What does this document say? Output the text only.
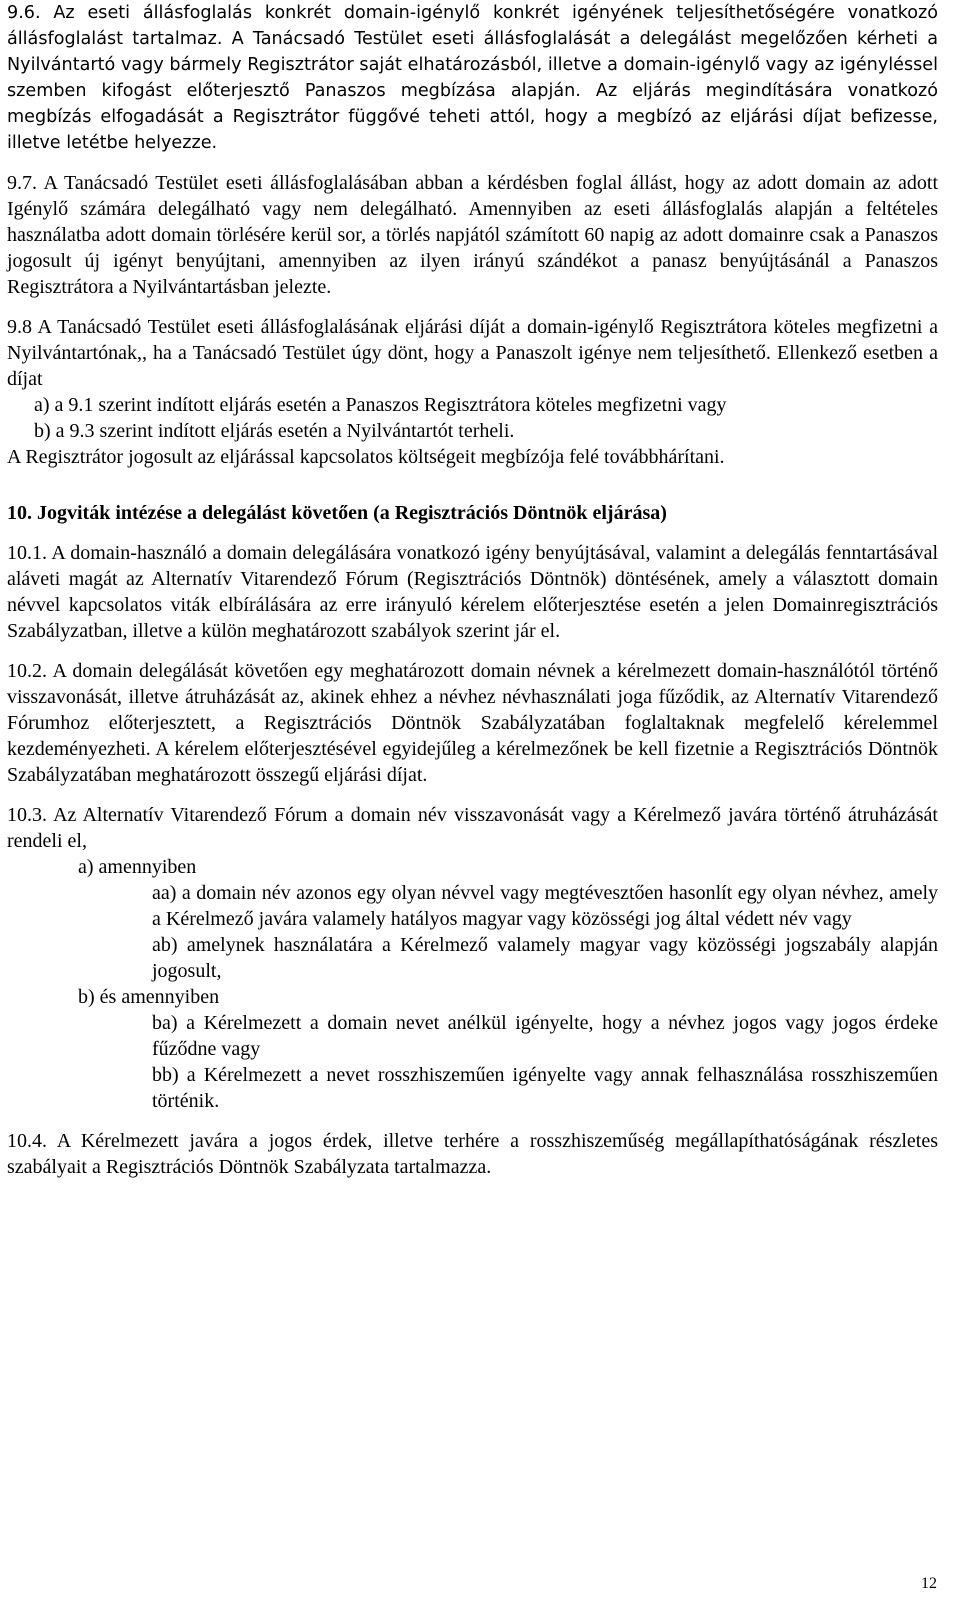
9.6. Az eseti állásfoglalás konkrét domain-igénylő konkrét igényének teljesíthetőségére vonatkozó állásfoglalást tartalmaz. A Tanácsadó Testület eseti állásfoglalását a delegálást megelőzően kérheti a Nyilvántartó vagy bármely Regisztrátor saját elhatározásból, illetve a domain-igénylő vagy az igényléssel szemben kifogást előterjesztő Panaszos megbízása alapján. Az eljárás megindítására vonatkozó megbízás elfogadását a Regisztrátor függővé teheti attól, hogy a megbízó az eljárási díjat befizesse, illetve letétbe helyezze.

9.7. A Tanácsadó Testület eseti állásfoglalásában abban a kérdésben foglal állást, hogy az adott domain az adott Igénylő számára delegálható vagy nem delegálható. Amennyiben az eseti állásfoglalás alapján a feltételes használatba adott domain törlésére kerül sor, a törlés napjától számított 60 napig az adott domainre csak a Panaszos jogosult új igényt benyújtani, amennyiben az ilyen irányú szándékot a panasz benyújtásánál a Panaszos Regisztrátora a Nyilvántartásban jelezte.

9.8 A Tanácsadó Testület eseti állásfoglalásának eljárási díját a domain-igénylő Regisztrátora köteles megfizetni a Nyilvántartónak,, ha a Tanácsadó Testület úgy dönt, hogy a Panaszolt igénye nem teljesíthető. Ellenkező esetben a díjat

a) a 9.1 szerint indított eljárás esetén a Panaszos Regisztrátora köteles megfizetni vagy

b) a 9.3 szerint indított eljárás esetén a Nyilvántartót terheli.

A Regisztrátor jogosult az eljárással kapcsolatos költségeit megbízója felé továbbhárítani.

10. Jogviták intézése a delegálást követően (a Regisztrációs Döntnök eljárása)

10.1. A domain-használó a domain delegálására vonatkozó igény benyújtásával, valamint a delegálás fenntartásával aláveti magát az Alternatív Vitarendező Fórum (Regisztrációs Döntnök) döntésének, amely a választott domain névvel kapcsolatos viták elbírálására az erre irányuló kérelem előterjesztése esetén a jelen Domainregisztrációs Szabályzatban, illetve a külön meghatározott szabályok szerint jár el.

10.2. A domain delegálását követően egy meghatározott domain névnek a kérelmezett domain-használótól történő visszavonását, illetve átruházását az, akinek ehhez a névhez névhasználati joga fűződik, az Alternatív Vitarendező Fórumhoz előterjesztett, a Regisztrációs Döntnök Szabályzatában foglaltaknak megfelelő kérelemmel kezdeményezheti. A kérelem előterjesztésével egyidejűleg a kérelmezőnek be kell fizetnie a Regisztrációs Döntnök Szabályzatában meghatározott összegű eljárási díjat.

10.3. Az Alternatív Vitarendező Fórum a domain név visszavonását vagy a Kérelmező javára történő átruházását rendeli el,

a) amennyiben

aa) a domain név azonos egy olyan névvel vagy megtévesztően hasonlít egy olyan névhez, amely a Kérelmező javára valamely hatályos magyar vagy közösségi jog által védett név vagy

ab) amelynek használatára a Kérelmező valamely magyar vagy közösségi jogszabály alapján jogosult,

b) és amennyiben

ba) a Kérelmezett a domain nevet anélkül igényelte, hogy a névhez jogos vagy jogos érdeke fűződne vagy

bb) a Kérelmezett a nevet rosszhiszeműen igényelte vagy annak felhasználása rosszhiszeműen történik.

10.4. A Kérelmezett javára a jogos érdek, illetve terhére a rosszhiszeműség megállapíthatóságának részletes szabályait a Regisztrációs Döntnök Szabályzata tartalmazza.

12
